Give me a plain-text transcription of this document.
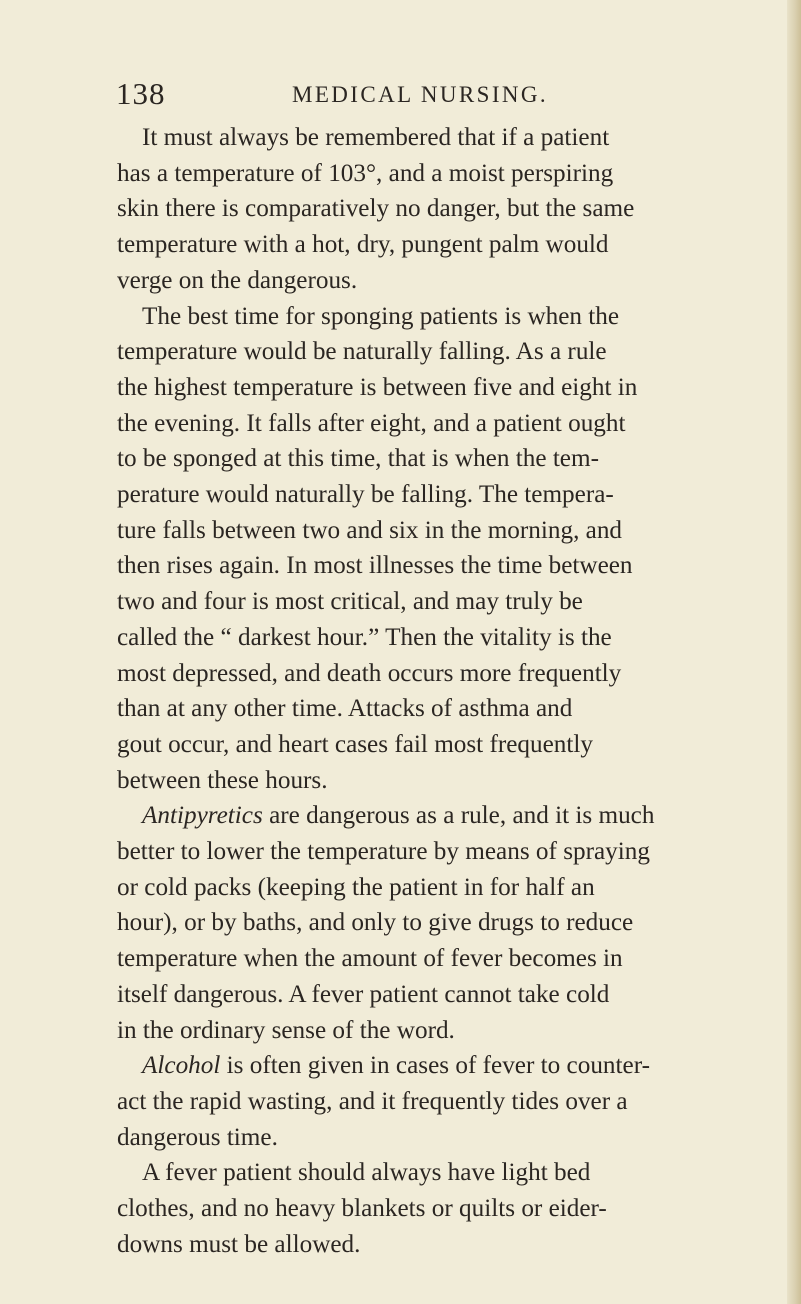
138	MEDICAL NURSING.

It must always be remembered that if a patient
has a temperature of 103°, and a moist perspiring
skin there is comparatively no danger, but the same
temperature with a hot, dry, pungent palm would
verge on the dangerous.

The best time for sponging patients is when the
temperature would be naturally falling. As a rule
the highest temperature is between five and eight in
the evening. It falls after eight, and a patient ought
to be sponged at this time, that is when the tem-
perature would naturally be falling. The tempera-
ture falls between two and six in the morning, and
then rises again. In most illnesses the time between
two and four is most critical, and may truly be
called the “ darkest hour.” Then the vitality is the
most depressed, and death occurs more frequently
than at any other time. Attacks of asthma and
gout occur, and heart cases fail most frequently
between these hours.

Antipyretics are dangerous as a rule, and it is much
better to lower the temperature by means of spraying
or cold packs (keeping the patient in for half an
hour), or by baths, and only to give drugs to reduce
temperature when the amount of fever becomes in
itself dangerous. A fever patient cannot take cold
in the ordinary sense of the word.

Alcohol is often given in cases of fever to counter-
act the rapid wasting, and it frequently tides over a
dangerous time.

A fever patient should always have light bed
clothes, and no heavy blankets or quilts or eider-
downs must be allowed.
